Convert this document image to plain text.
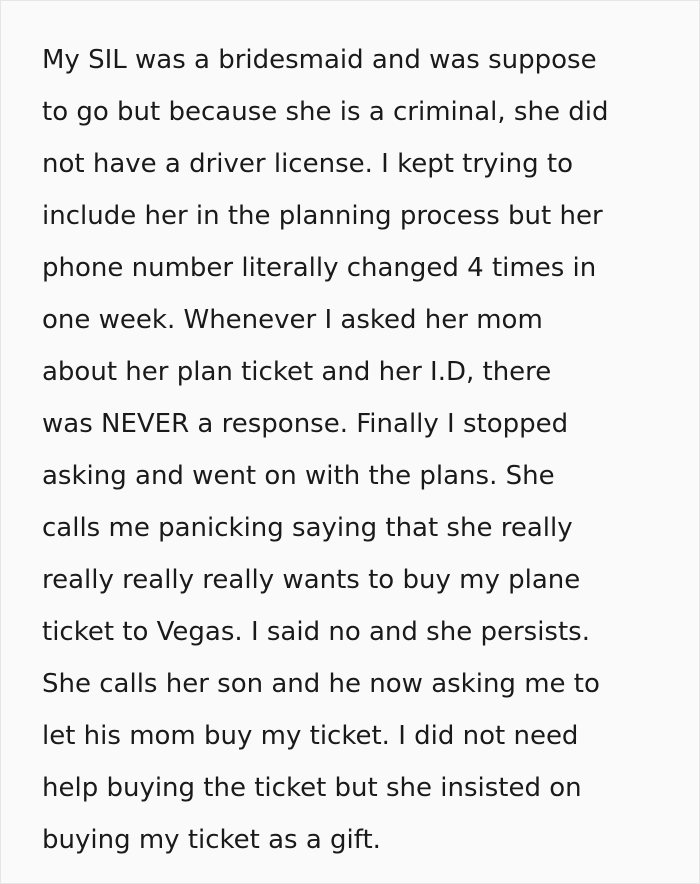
My SIL was a bridesmaid and was suppose
to go but because she is a criminal, she did
not have a driver license. I kept trying to
include her in the planning process but her
phone number literally changed 4 times in
one week. Whenever I asked her mom
about her plan ticket and her I.D, there
was NEVER a response. Finally I stopped
asking and went on with the plans. She
calls me panicking saying that she really
really really really wants to buy my plane
ticket to Vegas. I said no and she persists.
She calls her son and he now asking me to
let his mom buy my ticket. I did not need
help buying the ticket but she insisted on
buying my ticket as a gift.
